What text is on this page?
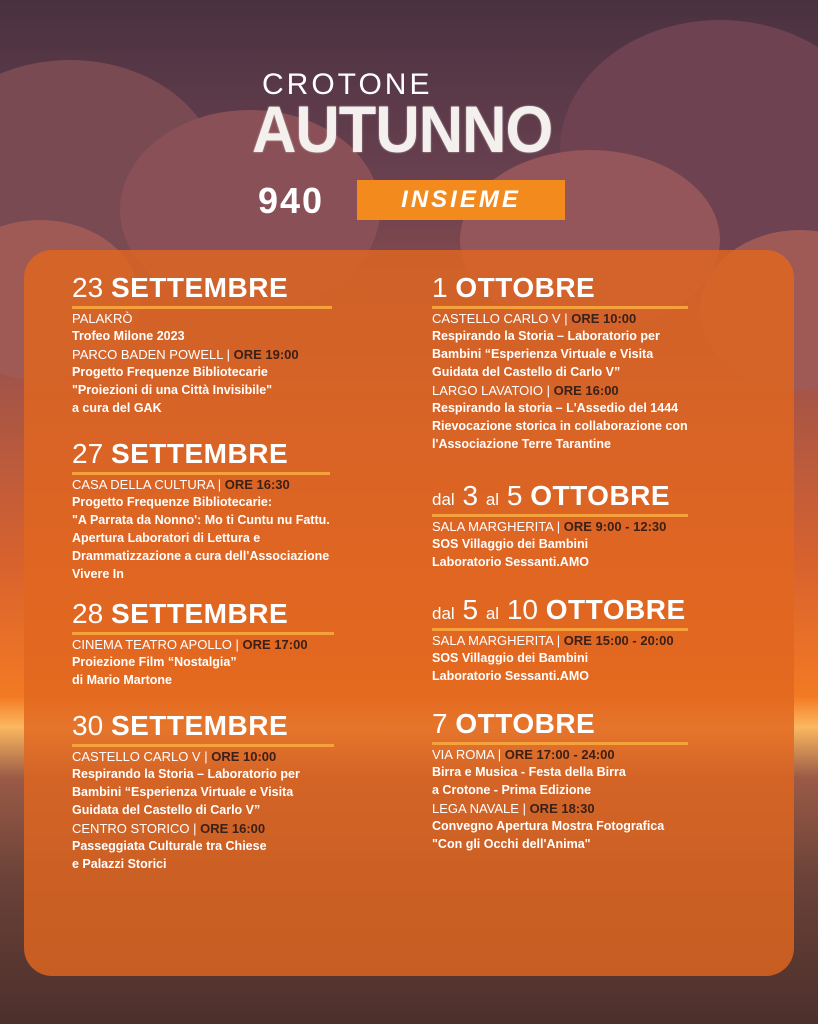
CROTONE
AUTUNNO
940	INSIEME
23 SETTEMBRE
PALAKRÒ
Trofeo Milone 2023
PARCO BADEN POWELL | ORE 19:00
Progetto Frequenze Bibliotecarie
"Proiezioni di una Città Invisibile"
a cura del GAK
27 SETTEMBRE
CASA DELLA CULTURA | ORE 16:30
Progetto Frequenze Bibliotecarie:
"A Parrata da Nonno': Mo ti Cuntu nu Fattu.
Apertura Laboratori di Lettura e
Drammatizzazione a cura dell'Associazione
Vivere In
28 SETTEMBRE
CINEMA TEATRO APOLLO | ORE 17:00
Proiezione Film “Nostalgia”
di Mario Martone
30 SETTEMBRE
CASTELLO CARLO V | ORE 10:00
Respirando la Storia – Laboratorio per
Bambini “Esperienza Virtuale e Visita
Guidata del Castello di Carlo V”
CENTRO STORICO | ORE 16:00
Passeggiata Culturale tra Chiese
e Palazzi Storici
1 OTTOBRE
CASTELLO CARLO V | ORE 10:00
Respirando la Storia – Laboratorio per
Bambini “Esperienza Virtuale e Visita
Guidata del Castello di Carlo V”
LARGO LAVATOIO | ORE 16:00
Respirando la storia – L'Assedio del 1444
Rievocazione storica in collaborazione con
l'Associazione Terre Tarantine
dal 3 al 5 OTTOBRE
SALA MARGHERITA | ORE 9:00 - 12:30
SOS Villaggio dei Bambini
Laboratorio Sessanti.AMO
dal 5 al 10 OTTOBRE
SALA MARGHERITA | ORE 15:00 - 20:00
SOS Villaggio dei Bambini
Laboratorio Sessanti.AMO
7 OTTOBRE
VIA ROMA | ORE 17:00 - 24:00
Birra e Musica - Festa della Birra
a Crotone - Prima Edizione
LEGA NAVALE | ORE 18:30
Convegno Apertura Mostra Fotografica
"Con gli Occhi dell'Anima"
